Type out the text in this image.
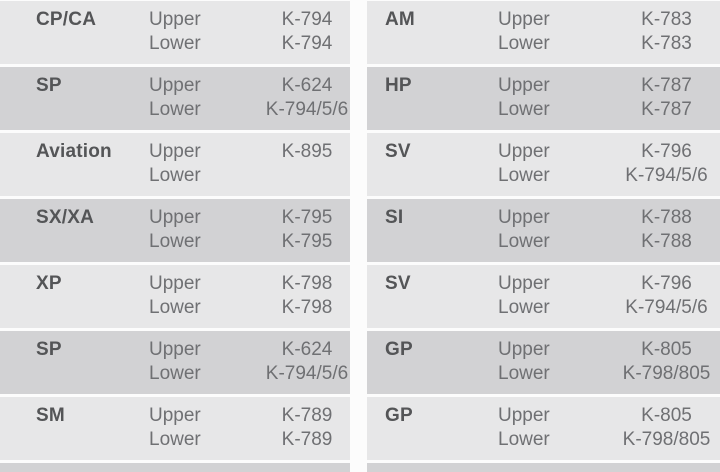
CP/CA	Upper	K-794
Lower	K-794
SP	Upper	K-624
Lower	K-794/5/6
Aviation	Upper	K-895
Lower
SX/XA	Upper	K-795
Lower	K-795
XP	Upper	K-798
Lower	K-798
SP	Upper	K-624
Lower	K-794/5/6
SM	Upper	K-789
Lower	K-789
AM	Upper	K-783
Lower	K-783
HP	Upper	K-787
Lower	K-787
SV	Upper	K-796
Lower	K-794/5/6
SI	Upper	K-788
Lower	K-788
SV	Upper	K-796
Lower	K-794/5/6
GP	Upper	K-805
Lower	K-798/805
GP	Upper	K-805
Lower	K-798/805
